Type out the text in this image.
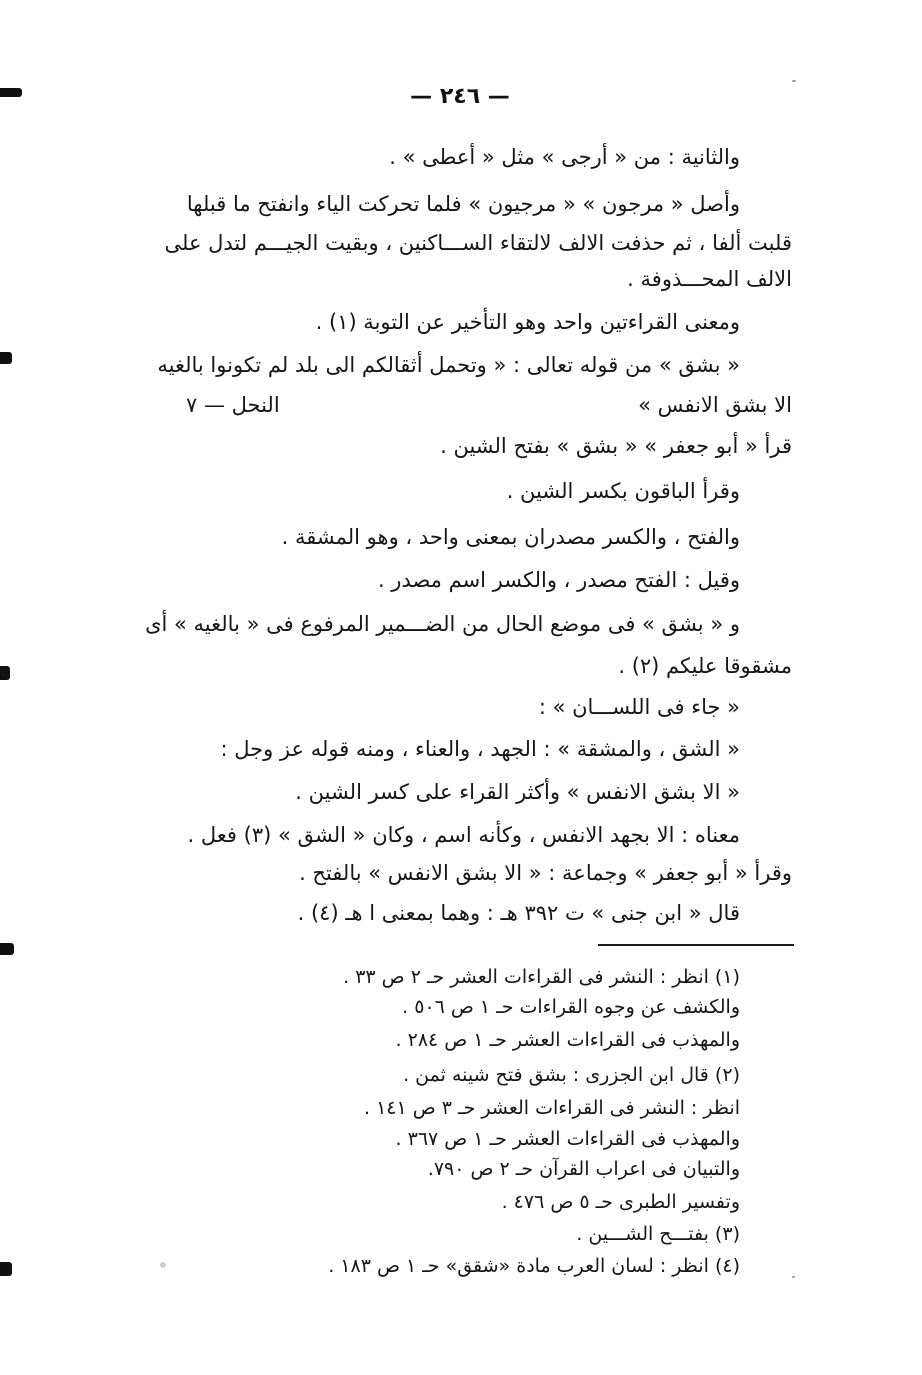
— ٢٤٦ —
والثانية : من « أرجى » مثل « أعطى » .
وأصل « مرجون » « مرجيون » فلما تحركت الياء وانفتح ما قبلها
قلبت ألفا ، ثم حذفت الالف لالتقاء الســـاكنين ، وبقيت الجيـــم لتدل على
الالف المحـــذوفة .
ومعنى القراءتين واحد وهو التأخير عن التوبة (١) .
« بشق » من قوله تعالى : « وتحمل أثقالكم الى بلد لم تكونوا بالغيه
الا بشق الانفس »
النحل — ٧
قرأ « أبو جعفر » « بشق » بفتح الشين .
وقرأ الباقون بكسر الشين .
والفتح ، والكسر مصدران بمعنى واحد ، وهو المشقة .
وقيل : الفتح مصدر ، والكسر اسم مصدر .
و « بشق » فى موضع الحال من الضـــمير المرفوع فى « بالغيه » أى
مشقوقا عليكم (٢) .
« جاء فى اللســـان » :
« الشق ، والمشقة » : الجهد ، والعناء ، ومنه قوله عز وجل :
« الا بشق الانفس » وأكثر القراء على كسر الشين .
معناه : الا بجهد الانفس ، وكأنه اسم ، وكان « الشق » (٣) فعل .
وقرأ « أبو جعفر » وجماعة : « الا بشق الانفس » بالفتح .
قال « ابن جنى » ت ٣٩٢ هـ : وهما بمعنى ا هـ (٤) .
(١) انظر : النشر فى القراءات العشر حـ ٢ ص ٣٣ .
والكشف عن وجوه القراءات حـ ١ ص ٥٠٦ .
والمهذب فى القراءات العشر حـ ١ ص ٢٨٤ .
(٢) قال ابن الجزرى : بشق فتح شينه ثمن .
انظر : النشر فى القراءات العشر حـ ٣ ص ١٤١ .
والمهذب فى القراءات العشر حـ ١ ص ٣٦٧ .
والتبيان فى اعراب القرآن حـ ٢ ص ٧٩٠.
وتفسير الطبرى حـ ٥ ص ٤٧٦ .
(٣) بفتـــح الشـــين .
(٤) انظر : لسان العرب مادة «شقق» حـ ١ ص ١٨٣ .
